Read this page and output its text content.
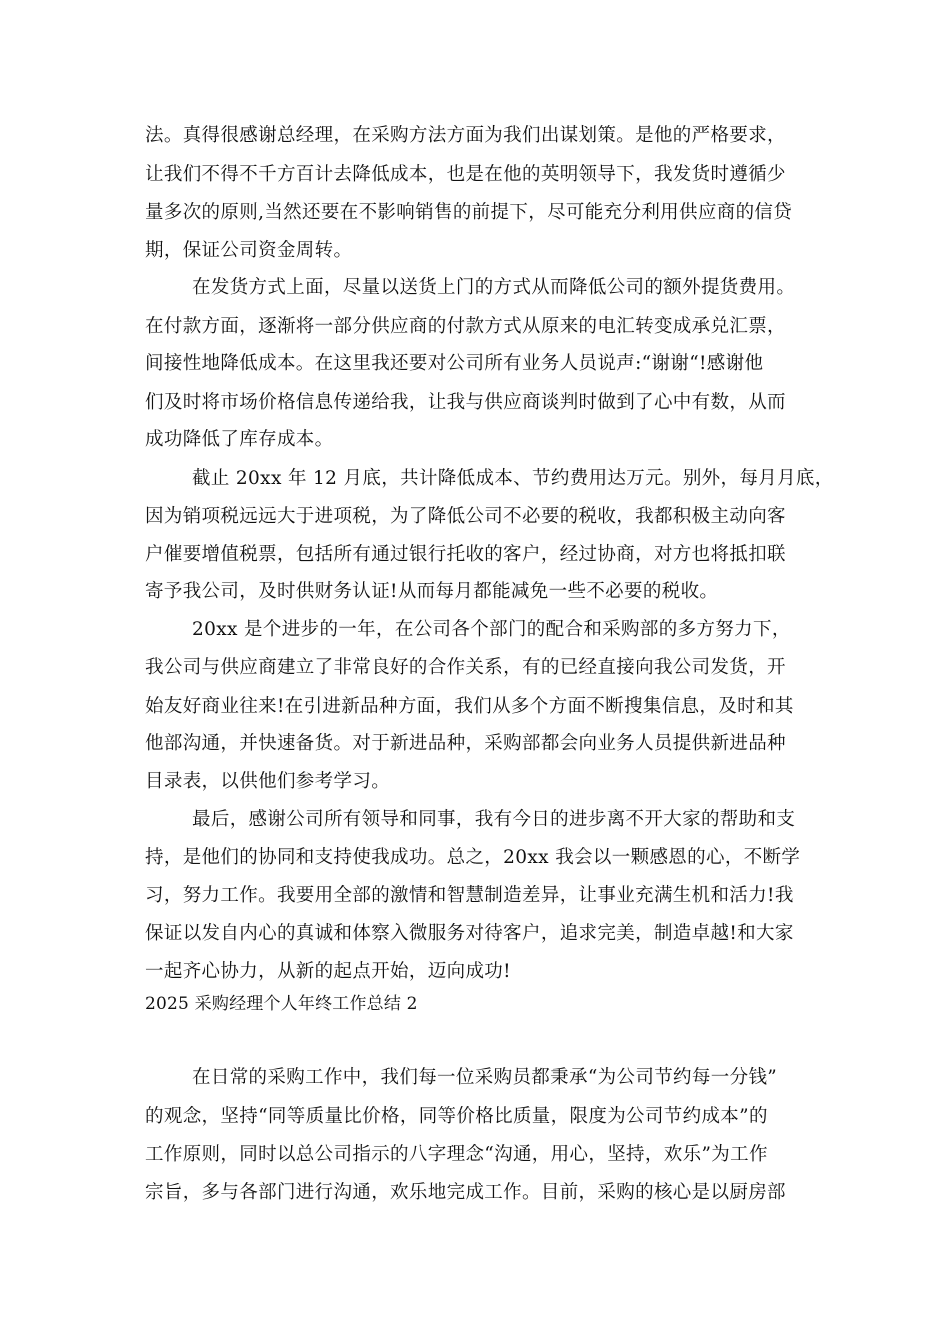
法。真得很感谢总经理，在采购方法方面为我们出谋划策。是他的严格要求，

让我们不得不千方百计去降低成本，也是在他的英明领导下，我发货时遵循少

量多次的原则,当然还要在不影响销售的前提下，尽可能充分利用供应商的信贷

期，保证公司资金周转。

在发货方式上面，尽量以送货上门的方式从而降低公司的额外提货费用。

在付款方面，逐渐将一部分供应商的付款方式从原来的电汇转变成承兑汇票，

间接性地降低成本。在这里我还要对公司所有业务人员说声:“谢谢“!感谢他

们及时将市场价格信息传递给我，让我与供应商谈判时做到了心中有数，从而

成功降低了库存成本。

截止 20xx 年 12 月底，共计降低成本、节约费用达万元。别外，每月月底，

因为销项税远远大于进项税，为了降低公司不必要的税收，我都积极主动向客

户催要增值税票，包括所有通过银行托收的客户，经过协商，对方也将抵扣联

寄予我公司，及时供财务认证!从而每月都能减免一些不必要的税收。

20xx 是个进步的一年，在公司各个部门的配合和采购部的多方努力下，

我公司与供应商建立了非常良好的合作关系，有的已经直接向我公司发货，开

始友好商业往来!在引进新品种方面，我们从多个方面不断搜集信息，及时和其

他部沟通，并快速备货。对于新进品种，采购部都会向业务人员提供新进品种

目录表，以供他们参考学习。

最后，感谢公司所有领导和同事，我有今日的进步离不开大家的帮助和支

持，是他们的协同和支持使我成功。总之，20xx 我会以一颗感恩的心，不断学

习，努力工作。我要用全部的激情和智慧制造差异，让事业充满生机和活力!我

保证以发自内心的真诚和体察入微服务对待客户，追求完美，制造卓越!和大家

一起齐心协力，从新的起点开始，迈向成功!

2025 采购经理个人年终工作总结 2

在日常的采购工作中，我们每一位采购员都秉承“为公司节约每一分钱”

的观念，坚持“同等质量比价格，同等价格比质量，限度为公司节约成本”的

工作原则，同时以总公司指示的八字理念“沟通，用心，坚持，欢乐”为工作

宗旨，多与各部门进行沟通，欢乐地完成工作。目前，采购的核心是以厨房部
